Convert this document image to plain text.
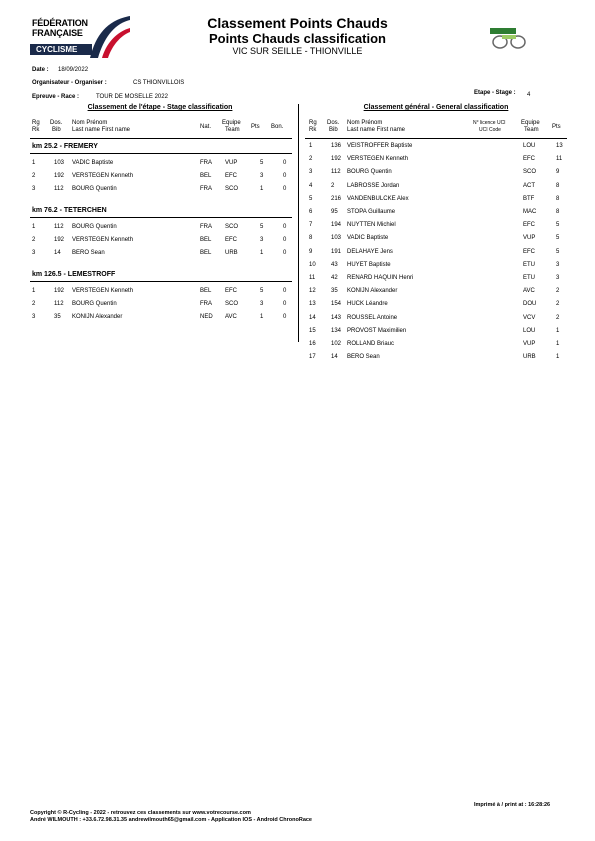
FÉDÉRATION
FRANÇAISE
CYCLISME
Classement Points Chauds
Points Chauds classification
VIC SUR SEILLE - THIONVILLE
Date : 18/09/2022
Organisateur - Organiser :	CS THIONVILLOIS
Epreuve - Race :	TOUR DE MOSELLE 2022
Etape - Stage : 4
Classement de l'étape - Stage classification	Classement général - General classification
Rg
Rk
Dos.
Bib
Nom Prénom
Last name First name	Nat.
Equipe
Team Pts Bon.
km 25.2 - FREMERY
1	103 VADIC Baptiste	FRA VUP	5	0
2	192 VERSTEGEN Kenneth	BEL EFC	3	0
3	112 BOURG Quentin	FRA SCO	1	0
km 76.2 - TETERCHEN
1	112 BOURG Quentin	FRA SCO	5	0
2	192 VERSTEGEN Kenneth	BEL EFC	3	0
3	14 BERO Sean	BEL URB	1	0
km 126.5 - LEMESTROFF
1	192 VERSTEGEN Kenneth	BEL EFC	5	0
2	112 BOURG Quentin	FRA SCO	3	0
3	35 KONIJN Alexander	NED AVC	1	0
Rg
Rk
Dos.
Bib
Nom Prénom
Last name First name
N° licence UCI
UCI Code
Equipe
Team Pts
1	136 VEISTROFFER Baptiste	LOU	13
2	192 VERSTEGEN Kenneth	EFC	11
3	112 BOURG Quentin	SCO	9
4	2 LABROSSE Jordan	ACT	8
5	216 VANDENBULCKE Alex	BTF	8
6	95 STOPA Guillaume	MAC	8
7	194 NUYTTEN Michiel	EFC	5
8	103 VADIC Baptiste	VUP	5
9	191 DELAHAYE Jens	EFC	5
10	43 HUYET Baptiste	ETU	3
11	42 RENARD HAQUIN Henri	ETU	3
12	35 KONIJN Alexander	AVC	2
13	154 HUCK Léandre	DOU	2
14	143 ROUSSEL Antoine	VCV	2
15	134 PROVOST Maximilien	LOU	1
16	102 ROLLAND Briauc	VUP	1
17	14 BERO Sean	URB	1
Copyright © R-Cycling - 2022 - retrouvez ces classements sur www.votrecourse.com
André WILMOUTH : +33.6.72.98.31.35 andrewilmouth65@gmail.com - Application IOS - Android ChronoRace
Imprimé à / print at : 16:28:26
